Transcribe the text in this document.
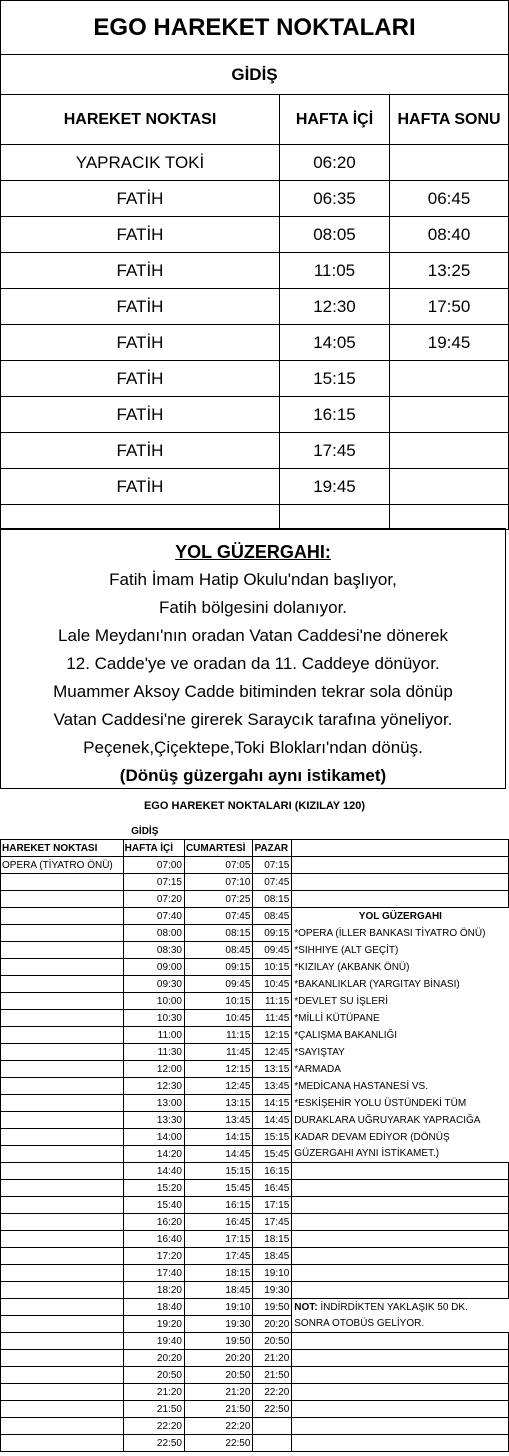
EGO HAREKET NOKTALARI		
GİDİŞ		
HAREKET NOKTASI	HAFTA İÇİ	HAFTA SONU
YAPRACIK TOKİ	06:20	
FATİH	06:35	06:45
FATİH	08:05	08:40
FATİH	11:05	13:25
FATİH	12:30	17:50
FATİH	14:05	19:45
FATİH	15:15	
FATİH	16:15	
FATİH	17:45	
FATİH	19:45	

YOL GÜZERGAHI:
Fatih İmam Hatip Okulu'ndan başlıyor,
Fatih bölgesini dolanıyor.
Lale Meydanı'nın oradan Vatan Caddesi'ne dönerek
12. Cadde'ye ve oradan da 11. Caddeye dönüyor.
Muammer Aksoy Cadde bitiminden tekrar sola dönüp
Vatan Caddesi'ne girerek Saraycık tarafına yöneliyor.
Peçenek,Çiçektepe,Toki Blokları'ndan dönüş.
(Dönüş güzergahı aynı istikamet)
EGO HAREKET NOKTALARI (KIZILAY 120)
	GİDİŞ			
HAREKET NOKTASI	HAFTA İÇİ	CUMARTESİ	PAZAR	
OPERA (TİYATRO ÖNÜ)	07:00	07:05	07:15	
	07:15	07:10	07:45	
	07:20	07:25	08:15	
	07:40	07:45	08:45	YOL GÜZERGAHI
	08:00	08:15	09:15	*OPERA (İLLER BANKASI TİYATRO ÖNÜ)
	08:30	08:45	09:45	*SIHHIYE (ALT GEÇİT)
	09:00	09:15	10:15	*KIZILAY (AKBANK ÖNÜ)
	09:30	09:45	10:45	*BAKANLIKLAR (YARGITAY BİNASI)
	10:00	10:15	11:15	*DEVLET SU İŞLERİ
	10:30	10:45	11:45	*MİLLİ KÜTÜPANE
	11:00	11:15	12:15	*ÇALIŞMA BAKANLIĞI
	11:30	11:45	12:45	*SAYIŞTAY
	12:00	12:15	13:15	*ARMADA
	12:30	12:45	13:45	*MEDİCANA HASTANESİ VS.
	13:00	13:15	14:15	*ESKİŞEHİR YOLU ÜSTÜNDEKİ TÜM
	13:30	13:45	14:45	DURAKLARA UĞRUYARAK YAPRACIĞA
	14:00	14:15	15:15	KADAR DEVAM EDİYOR (DÖNÜŞ
	14:20	14:45	15:45	GÜZERGAHI AYNI İSTİKAMET.)
	14:40	15:15	16:15	
	15:20	15:45	16:45	
	15:40	16:15	17:15	
	16:20	16:45	17:45	
	16:40	17:15	18:15	
	17:20	17:45	18:45	
	17:40	18:15	19:10	
	18:20	18:45	19:30	
	18:40	19:10	19:50	NOT: İNDİRDİKTEN YAKLAŞIK 50 DK.
	19:20	19:30	20:20	SONRA OTOBÜS GELİYOR.
	19:40	19:50	20:50	
	20:20	20:20	21:20	
	20:50	20:50	21:50	
	21:20	21:20	22:20	
	21:50	21:50	22:50	
	22:20	22:20		
	22:50	22:50		
